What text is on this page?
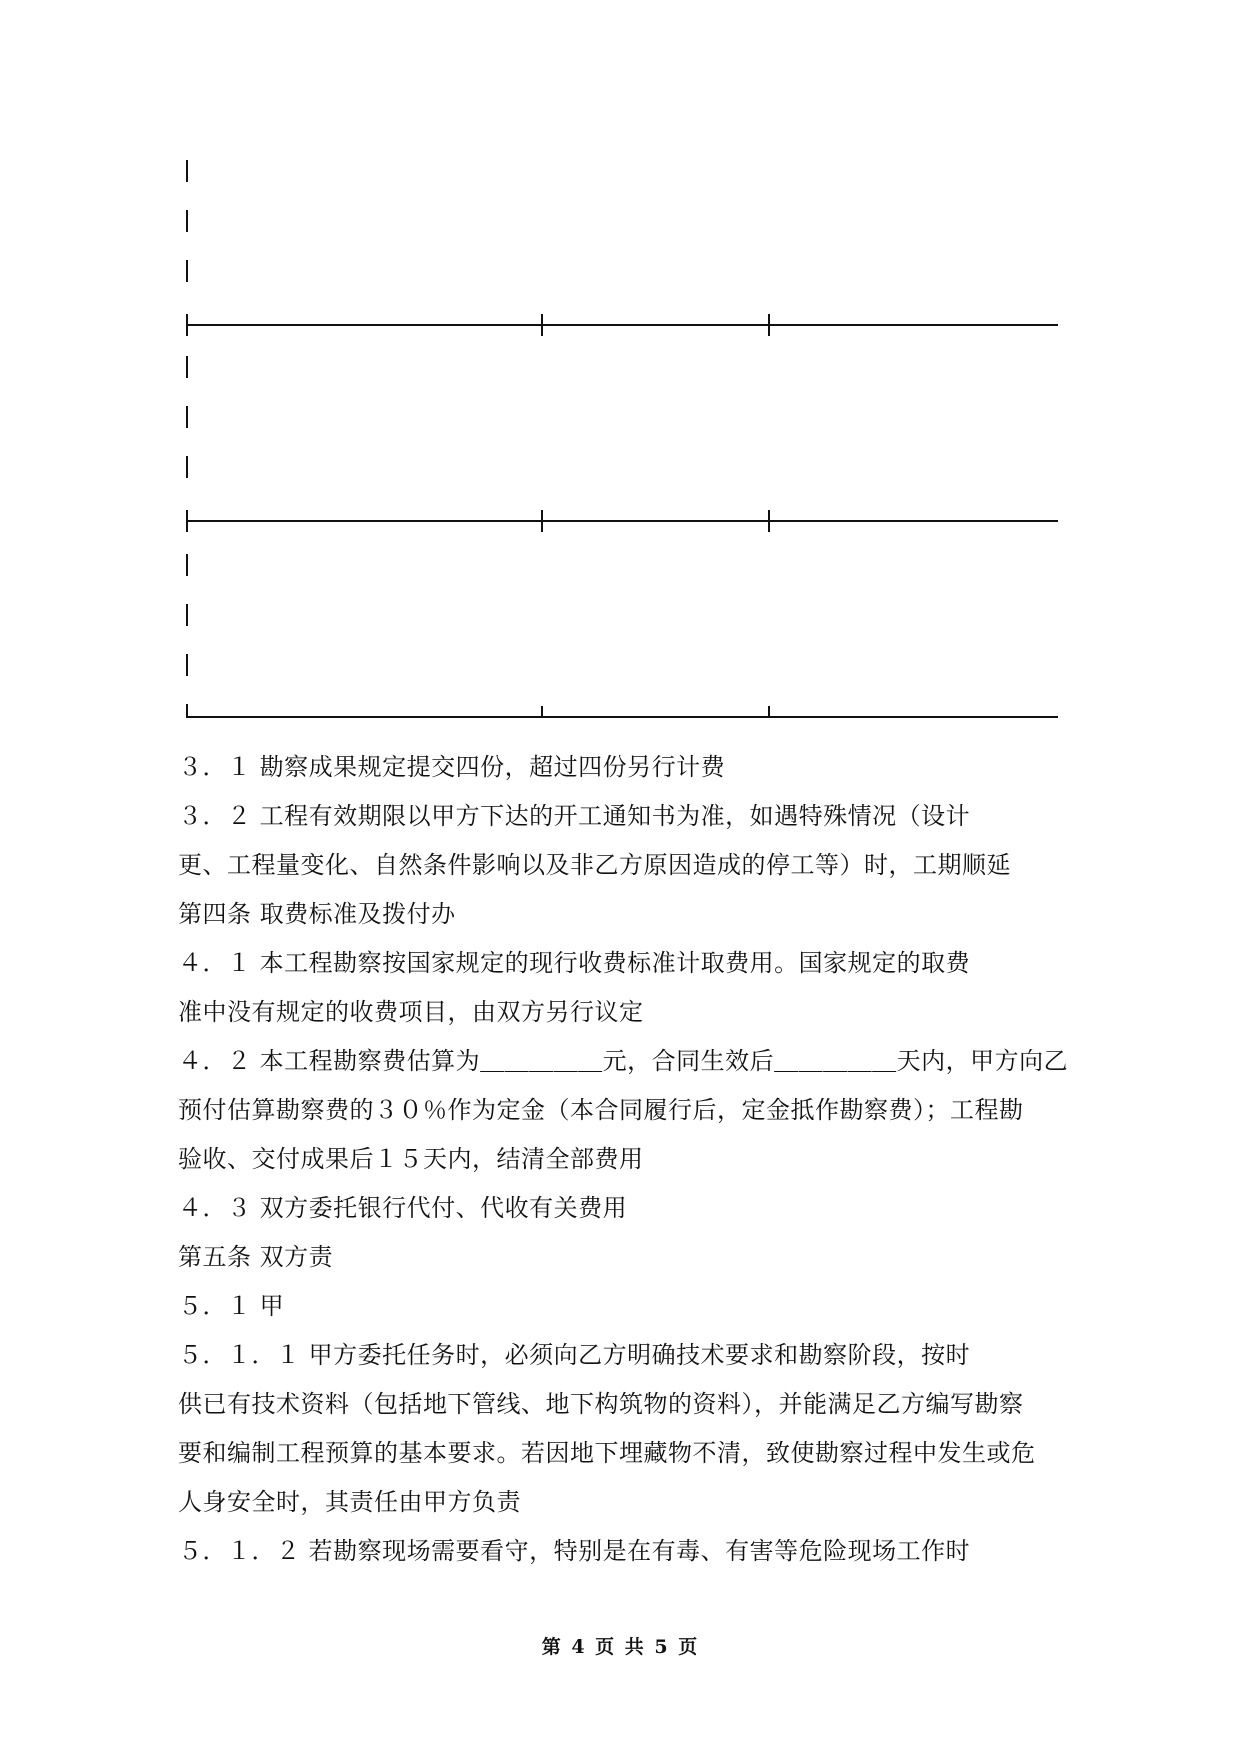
３．１ 勘察成果规定提交四份，超过四份另行计费
３．２ 工程有效期限以甲方下达的开工通知书为准，如遇特殊情况（设计
更、工程量变化、自然条件影响以及非乙方原因造成的停工等）时，工期顺延
第四条 取费标准及拨付办
４．１ 本工程勘察按国家规定的现行收费标准计取费用。国家规定的取费
准中没有规定的收费项目，由双方另行议定
４．２ 本工程勘察费估算为＿＿＿＿＿元，合同生效后＿＿＿＿＿天内，甲方向乙
预付估算勘察费的３０％作为定金（本合同履行后，定金抵作勘察费）；工程勘
验收、交付成果后１５天内，结清全部费用
４．３ 双方委托银行代付、代收有关费用
第五条 双方责
５．１ 甲
５．１．１ 甲方委托任务时，必须向乙方明确技术要求和勘察阶段，按时
供已有技术资料（包括地下管线、地下构筑物的资料），并能满足乙方编写勘察
要和编制工程预算的基本要求。若因地下埋藏物不清，致使勘察过程中发生或危
人身安全时，其责任由甲方负责
５．１．２ 若勘察现场需要看守，特别是在有毒、有害等危险现场工作时
第 4 页 共 5 页
